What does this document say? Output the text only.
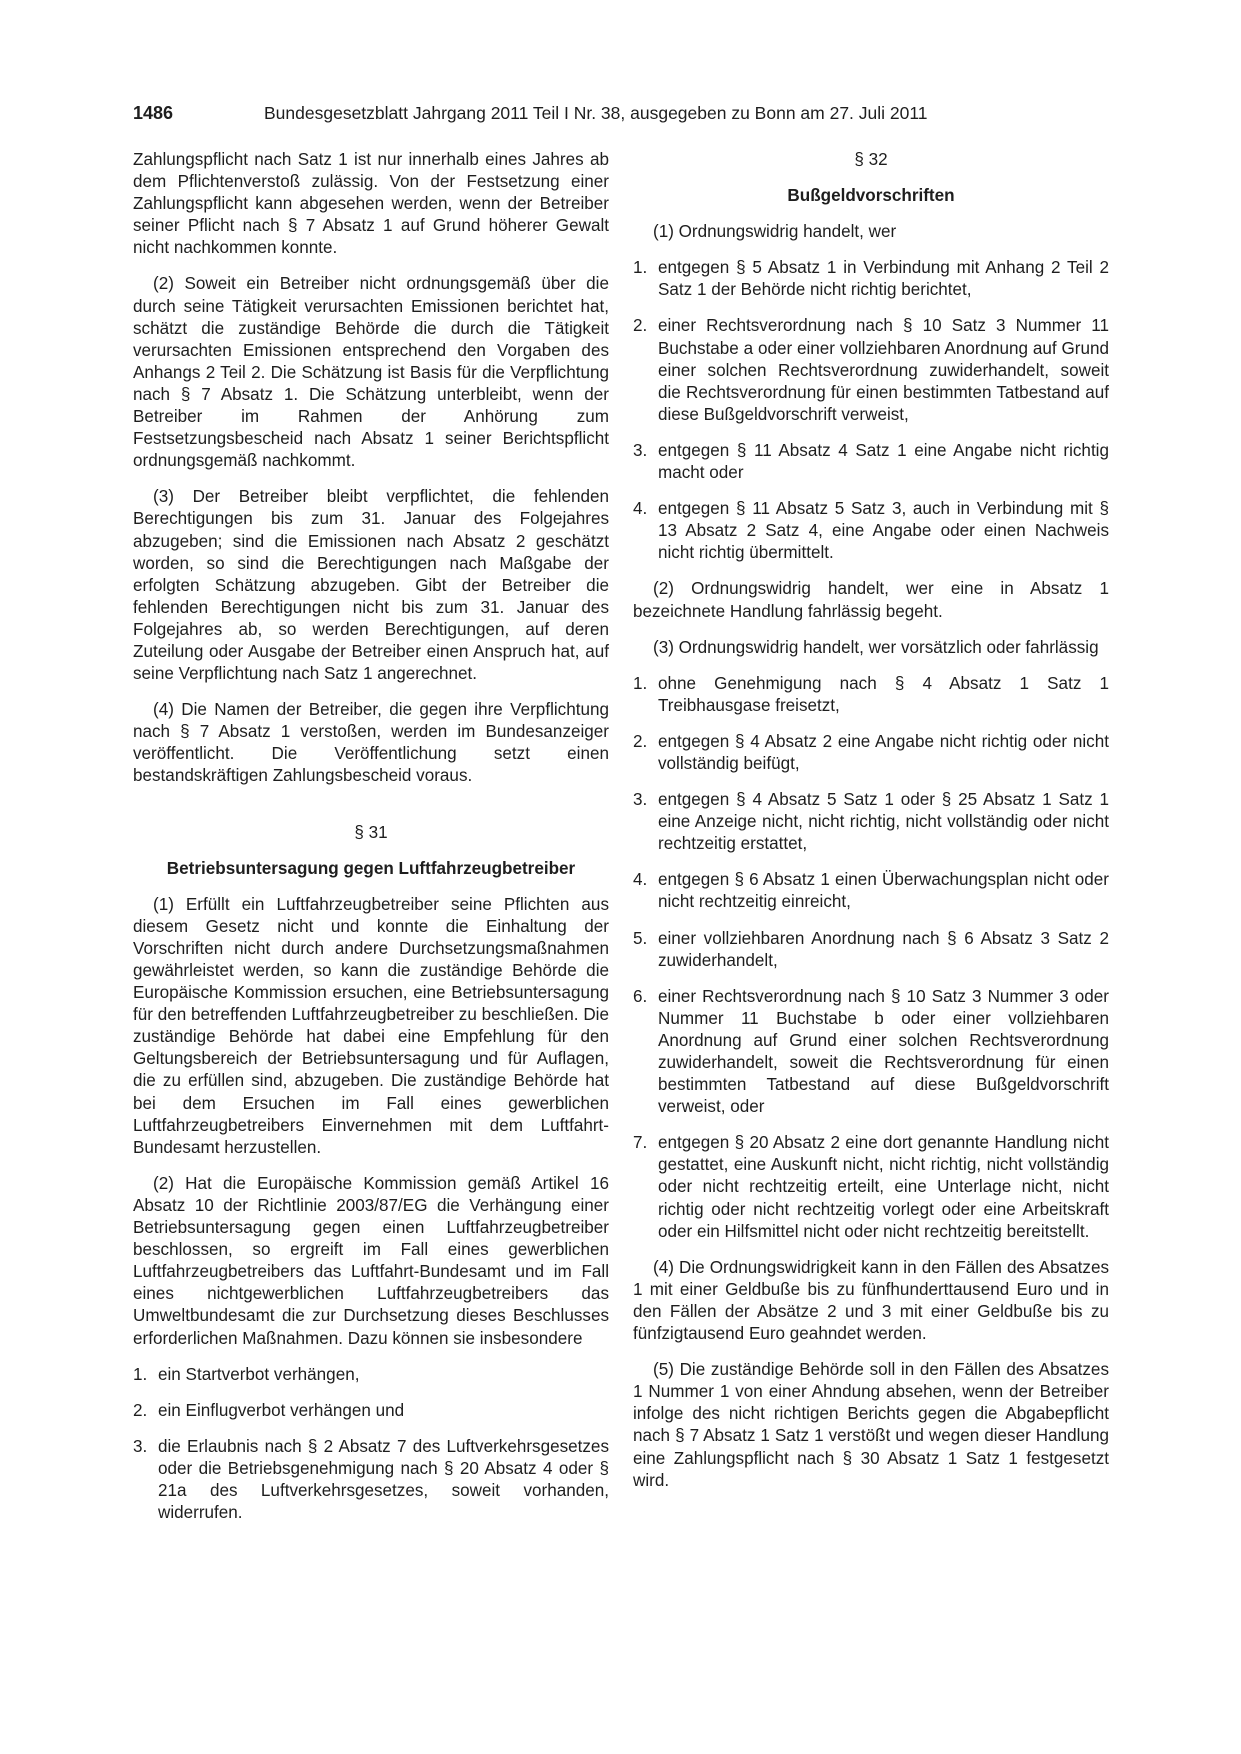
1486	Bundesgesetzblatt Jahrgang 2011 Teil I Nr. 38, ausgegeben zu Bonn am 27. Juli 2011

Zahlungspflicht nach Satz 1 ist nur innerhalb eines Jahres ab dem Pflichtenverstoß zulässig. Von der Festsetzung einer Zahlungspflicht kann abgesehen werden, wenn der Betreiber seiner Pflicht nach § 7 Absatz 1 auf Grund höherer Gewalt nicht nachkommen konnte.

(2) Soweit ein Betreiber nicht ordnungsgemäß über die durch seine Tätigkeit verursachten Emissionen berichtet hat, schätzt die zuständige Behörde die durch die Tätigkeit verursachten Emissionen entsprechend den Vorgaben des Anhangs 2 Teil 2. Die Schätzung ist Basis für die Verpflichtung nach § 7 Absatz 1. Die Schätzung unterbleibt, wenn der Betreiber im Rahmen der Anhörung zum Festsetzungsbescheid nach Absatz 1 seiner Berichtspflicht ordnungsgemäß nachkommt.

(3) Der Betreiber bleibt verpflichtet, die fehlenden Berechtigungen bis zum 31. Januar des Folgejahres abzugeben; sind die Emissionen nach Absatz 2 geschätzt worden, so sind die Berechtigungen nach Maßgabe der erfolgten Schätzung abzugeben. Gibt der Betreiber die fehlenden Berechtigungen nicht bis zum 31. Januar des Folgejahres ab, so werden Berechtigungen, auf deren Zuteilung oder Ausgabe der Betreiber einen Anspruch hat, auf seine Verpflichtung nach Satz 1 angerechnet.

(4) Die Namen der Betreiber, die gegen ihre Verpflichtung nach § 7 Absatz 1 verstoßen, werden im Bundesanzeiger veröffentlicht. Die Veröffentlichung setzt einen bestandskräftigen Zahlungsbescheid voraus.

§ 31
Betriebsuntersagung gegen Luftfahrzeugbetreiber

(1) Erfüllt ein Luftfahrzeugbetreiber seine Pflichten aus diesem Gesetz nicht und konnte die Einhaltung der Vorschriften nicht durch andere Durchsetzungsmaßnahmen gewährleistet werden, so kann die zuständige Behörde die Europäische Kommission ersuchen, eine Betriebsuntersagung für den betreffenden Luftfahrzeugbetreiber zu beschließen. Die zuständige Behörde hat dabei eine Empfehlung für den Geltungsbereich der Betriebsuntersagung und für Auflagen, die zu erfüllen sind, abzugeben. Die zuständige Behörde hat bei dem Ersuchen im Fall eines gewerblichen Luftfahrzeugbetreibers Einvernehmen mit dem Luftfahrt-Bundesamt herzustellen.

(2) Hat die Europäische Kommission gemäß Artikel 16 Absatz 10 der Richtlinie 2003/87/EG die Verhängung einer Betriebsuntersagung gegen einen Luftfahrzeugbetreiber beschlossen, so ergreift im Fall eines gewerblichen Luftfahrzeugbetreibers das Luftfahrt-Bundesamt und im Fall eines nichtgewerblichen Luftfahrzeugbetreibers das Umweltbundesamt die zur Durchsetzung dieses Beschlusses erforderlichen Maßnahmen. Dazu können sie insbesondere

1. ein Startverbot verhängen,
2. ein Einflugverbot verhängen und
3. die Erlaubnis nach § 2 Absatz 7 des Luftverkehrsgesetzes oder die Betriebsgenehmigung nach § 20 Absatz 4 oder § 21a des Luftverkehrsgesetzes, soweit vorhanden, widerrufen.
§ 32
Bußgeldvorschriften

(1) Ordnungswidrig handelt, wer

1. entgegen § 5 Absatz 1 in Verbindung mit Anhang 2 Teil 2 Satz 1 der Behörde nicht richtig berichtet,
2. einer Rechtsverordnung nach § 10 Satz 3 Nummer 11 Buchstabe a oder einer vollziehbaren Anordnung auf Grund einer solchen Rechtsverordnung zuwiderhandelt, soweit die Rechtsverordnung für einen bestimmten Tatbestand auf diese Bußgeldvorschrift verweist,
3. entgegen § 11 Absatz 4 Satz 1 eine Angabe nicht richtig macht oder
4. entgegen § 11 Absatz 5 Satz 3, auch in Verbindung mit § 13 Absatz 2 Satz 4, eine Angabe oder einen Nachweis nicht richtig übermittelt.

(2) Ordnungswidrig handelt, wer eine in Absatz 1 bezeichnete Handlung fahrlässig begeht.

(3) Ordnungswidrig handelt, wer vorsätzlich oder fahrlässig

1. ohne Genehmigung nach § 4 Absatz 1 Satz 1 Treibhausgase freisetzt,
2. entgegen § 4 Absatz 2 eine Angabe nicht richtig oder nicht vollständig beifügt,
3. entgegen § 4 Absatz 5 Satz 1 oder § 25 Absatz 1 Satz 1 eine Anzeige nicht, nicht richtig, nicht vollständig oder nicht rechtzeitig erstattet,
4. entgegen § 6 Absatz 1 einen Überwachungsplan nicht oder nicht rechtzeitig einreicht,
5. einer vollziehbaren Anordnung nach § 6 Absatz 3 Satz 2 zuwiderhandelt,
6. einer Rechtsverordnung nach § 10 Satz 3 Nummer 3 oder Nummer 11 Buchstabe b oder einer vollziehbaren Anordnung auf Grund einer solchen Rechtsverordnung zuwiderhandelt, soweit die Rechtsverordnung für einen bestimmten Tatbestand auf diese Bußgeldvorschrift verweist, oder
7. entgegen § 20 Absatz 2 eine dort genannte Handlung nicht gestattet, eine Auskunft nicht, nicht richtig, nicht vollständig oder nicht rechtzeitig erteilt, eine Unterlage nicht, nicht richtig oder nicht rechtzeitig vorlegt oder eine Arbeitskraft oder ein Hilfsmittel nicht oder nicht rechtzeitig bereitstellt.

(4) Die Ordnungswidrigkeit kann in den Fällen des Absatzes 1 mit einer Geldbuße bis zu fünfhunderttausend Euro und in den Fällen der Absätze 2 und 3 mit einer Geldbuße bis zu fünfzigtausend Euro geahndet werden.

(5) Die zuständige Behörde soll in den Fällen des Absatzes 1 Nummer 1 von einer Ahndung absehen, wenn der Betreiber infolge des nicht richtigen Berichts gegen die Abgabepflicht nach § 7 Absatz 1 Satz 1 verstößt und wegen dieser Handlung eine Zahlungspflicht nach § 30 Absatz 1 Satz 1 festgesetzt wird.
